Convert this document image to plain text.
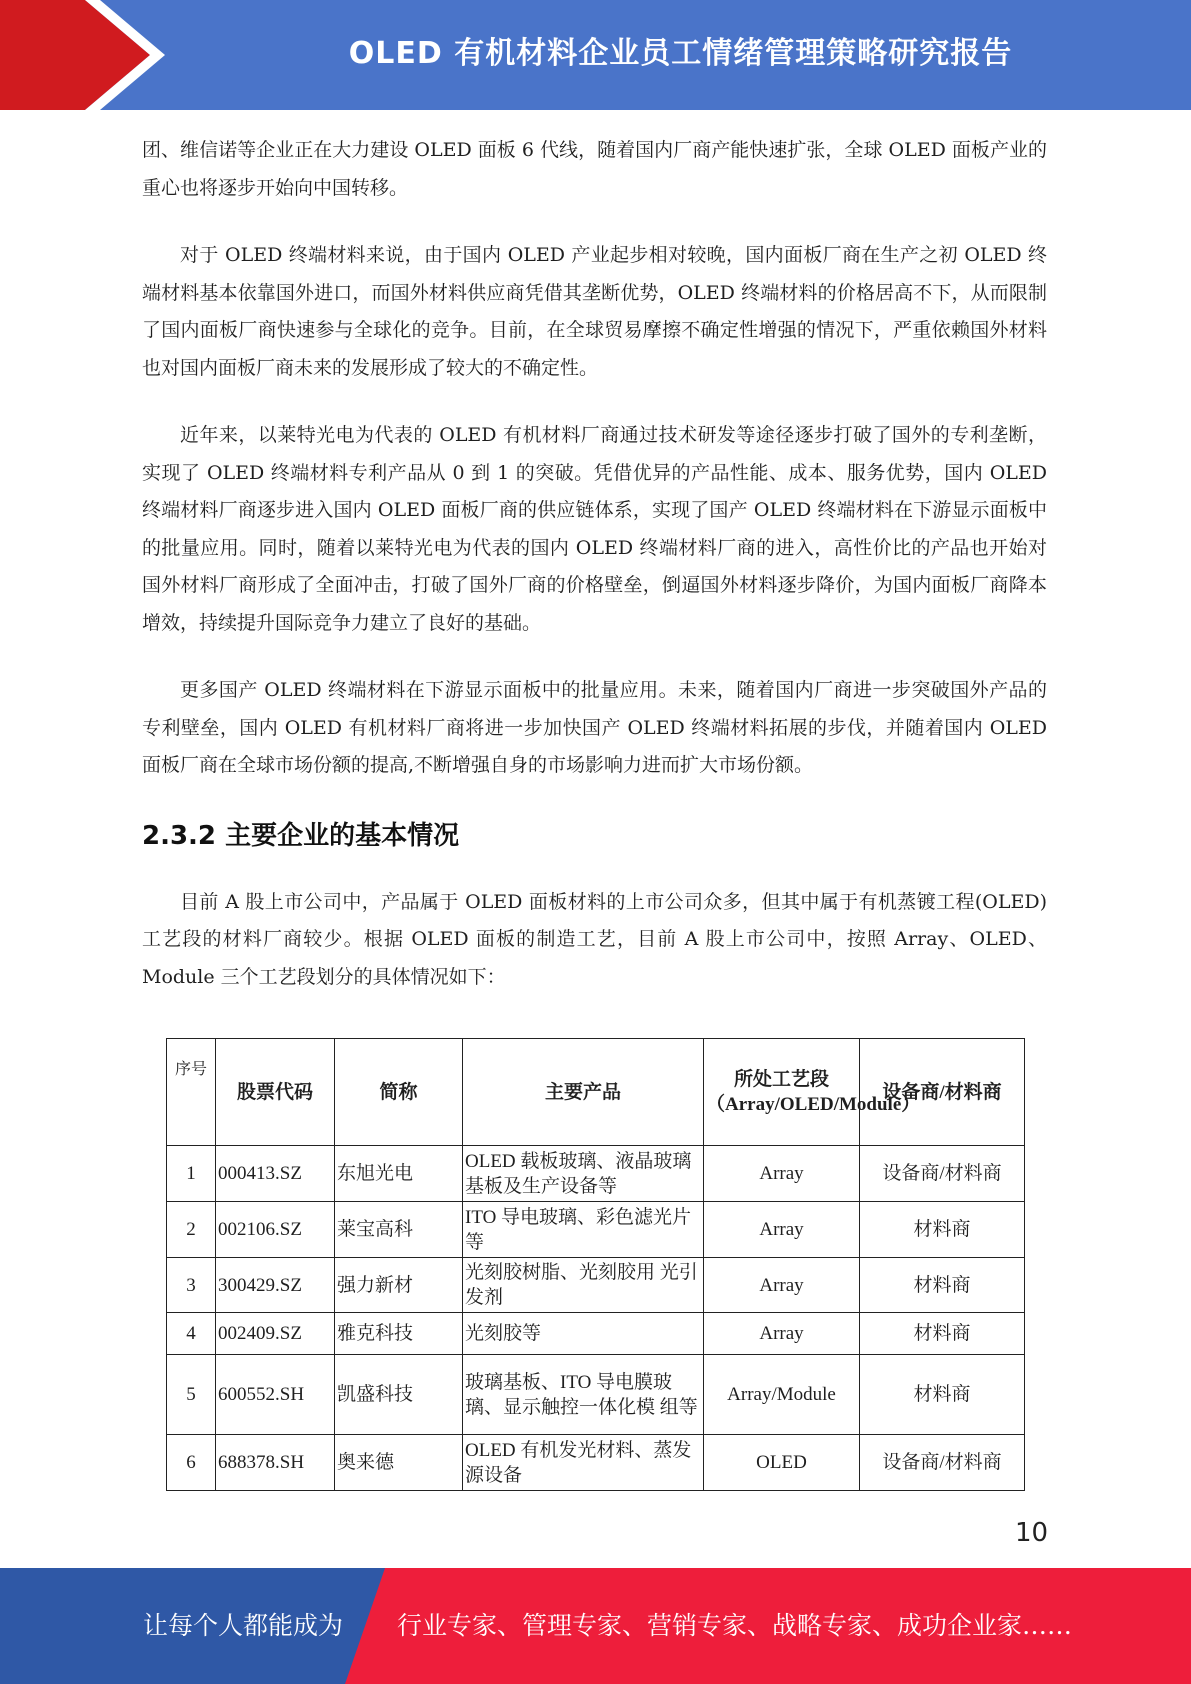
OLED 有机材料企业员工情绪管理策略研究报告

团、维信诺等企业正在大力建设 OLED 面板 6 代线，随着国内厂商产能快速扩张，全球 OLED 面板产业的重心也将逐步开始向中国转移。

对于 OLED 终端材料来说，由于国内 OLED 产业起步相对较晚，国内面板厂商在生产之初 OLED 终端材料基本依靠国外进口，而国外材料供应商凭借其垄断优势，OLED 终端材料的价格居高不下，从而限制了国内面板厂商快速参与全球化的竞争。目前，在全球贸易摩擦不确定性增强的情况下，严重依赖国外材料也对国内面板厂商未来的发展形成了较大的不确定性。

近年来，以莱特光电为代表的 OLED 有机材料厂商通过技术研发等途径逐步打破了国外的专利垄断，实现了 OLED 终端材料专利产品从 0 到 1 的突破。凭借优异的产品性能、成本、服务优势，国内 OLED 终端材料厂商逐步进入国内 OLED 面板厂商的供应链体系，实现了国产 OLED 终端材料在下游显示面板中的批量应用。同时，随着以莱特光电为代表的国内 OLED 终端材料厂商的进入，高性价比的产品也开始对国外材料厂商形成了全面冲击，打破了国外厂商的价格壁垒，倒逼国外材料逐步降价，为国内面板厂商降本增效，持续提升国际竞争力建立了良好的基础。

更多国产 OLED 终端材料在下游显示面板中的批量应用。未来，随着国内厂商进一步突破国外产品的专利壁垒，国内 OLED 有机材料厂商将进一步加快国产 OLED 终端材料拓展的步伐，并随着国内 OLED 面板厂商在全球市场份额的提高,不断增强自身的市场影响力进而扩大市场份额。

2.3.2 主要企业的基本情况

目前 A 股上市公司中，产品属于 OLED 面板材料的上市公司众多，但其中属于有机蒸镀工程(OLED)工艺段的材料厂商较少。根据 OLED 面板的制造工艺，目前 A 股上市公司中，按照 Array、OLED、Module 三个工艺段划分的具体情况如下：

序号	股票代码	简称	主要产品	所处工艺段（Array/OLED/Module）	设备商/材料商
1	000413.SZ	东旭光电	OLED 载板玻璃、液晶玻璃基板及生产设备等	Array	设备商/材料商
2	002106.SZ	莱宝高科	ITO 导电玻璃、彩色滤光片等	Array	材料商
3	300429.SZ	强力新材	光刻胶树脂、光刻胶用 光引发剂	Array	材料商
4	002409.SZ	雅克科技	光刻胶等	Array	材料商
5	600552.SH	凯盛科技	玻璃基板、ITO 导电膜玻璃、显示触控一体化模 组等	Array/Module	材料商
6	688378.SH	奥来德	OLED 有机发光材料、蒸发源设备	OLED	设备商/材料商
10
让每个人都能成为 行业专家、管理专家、营销专家、战略专家、成功企业家……
